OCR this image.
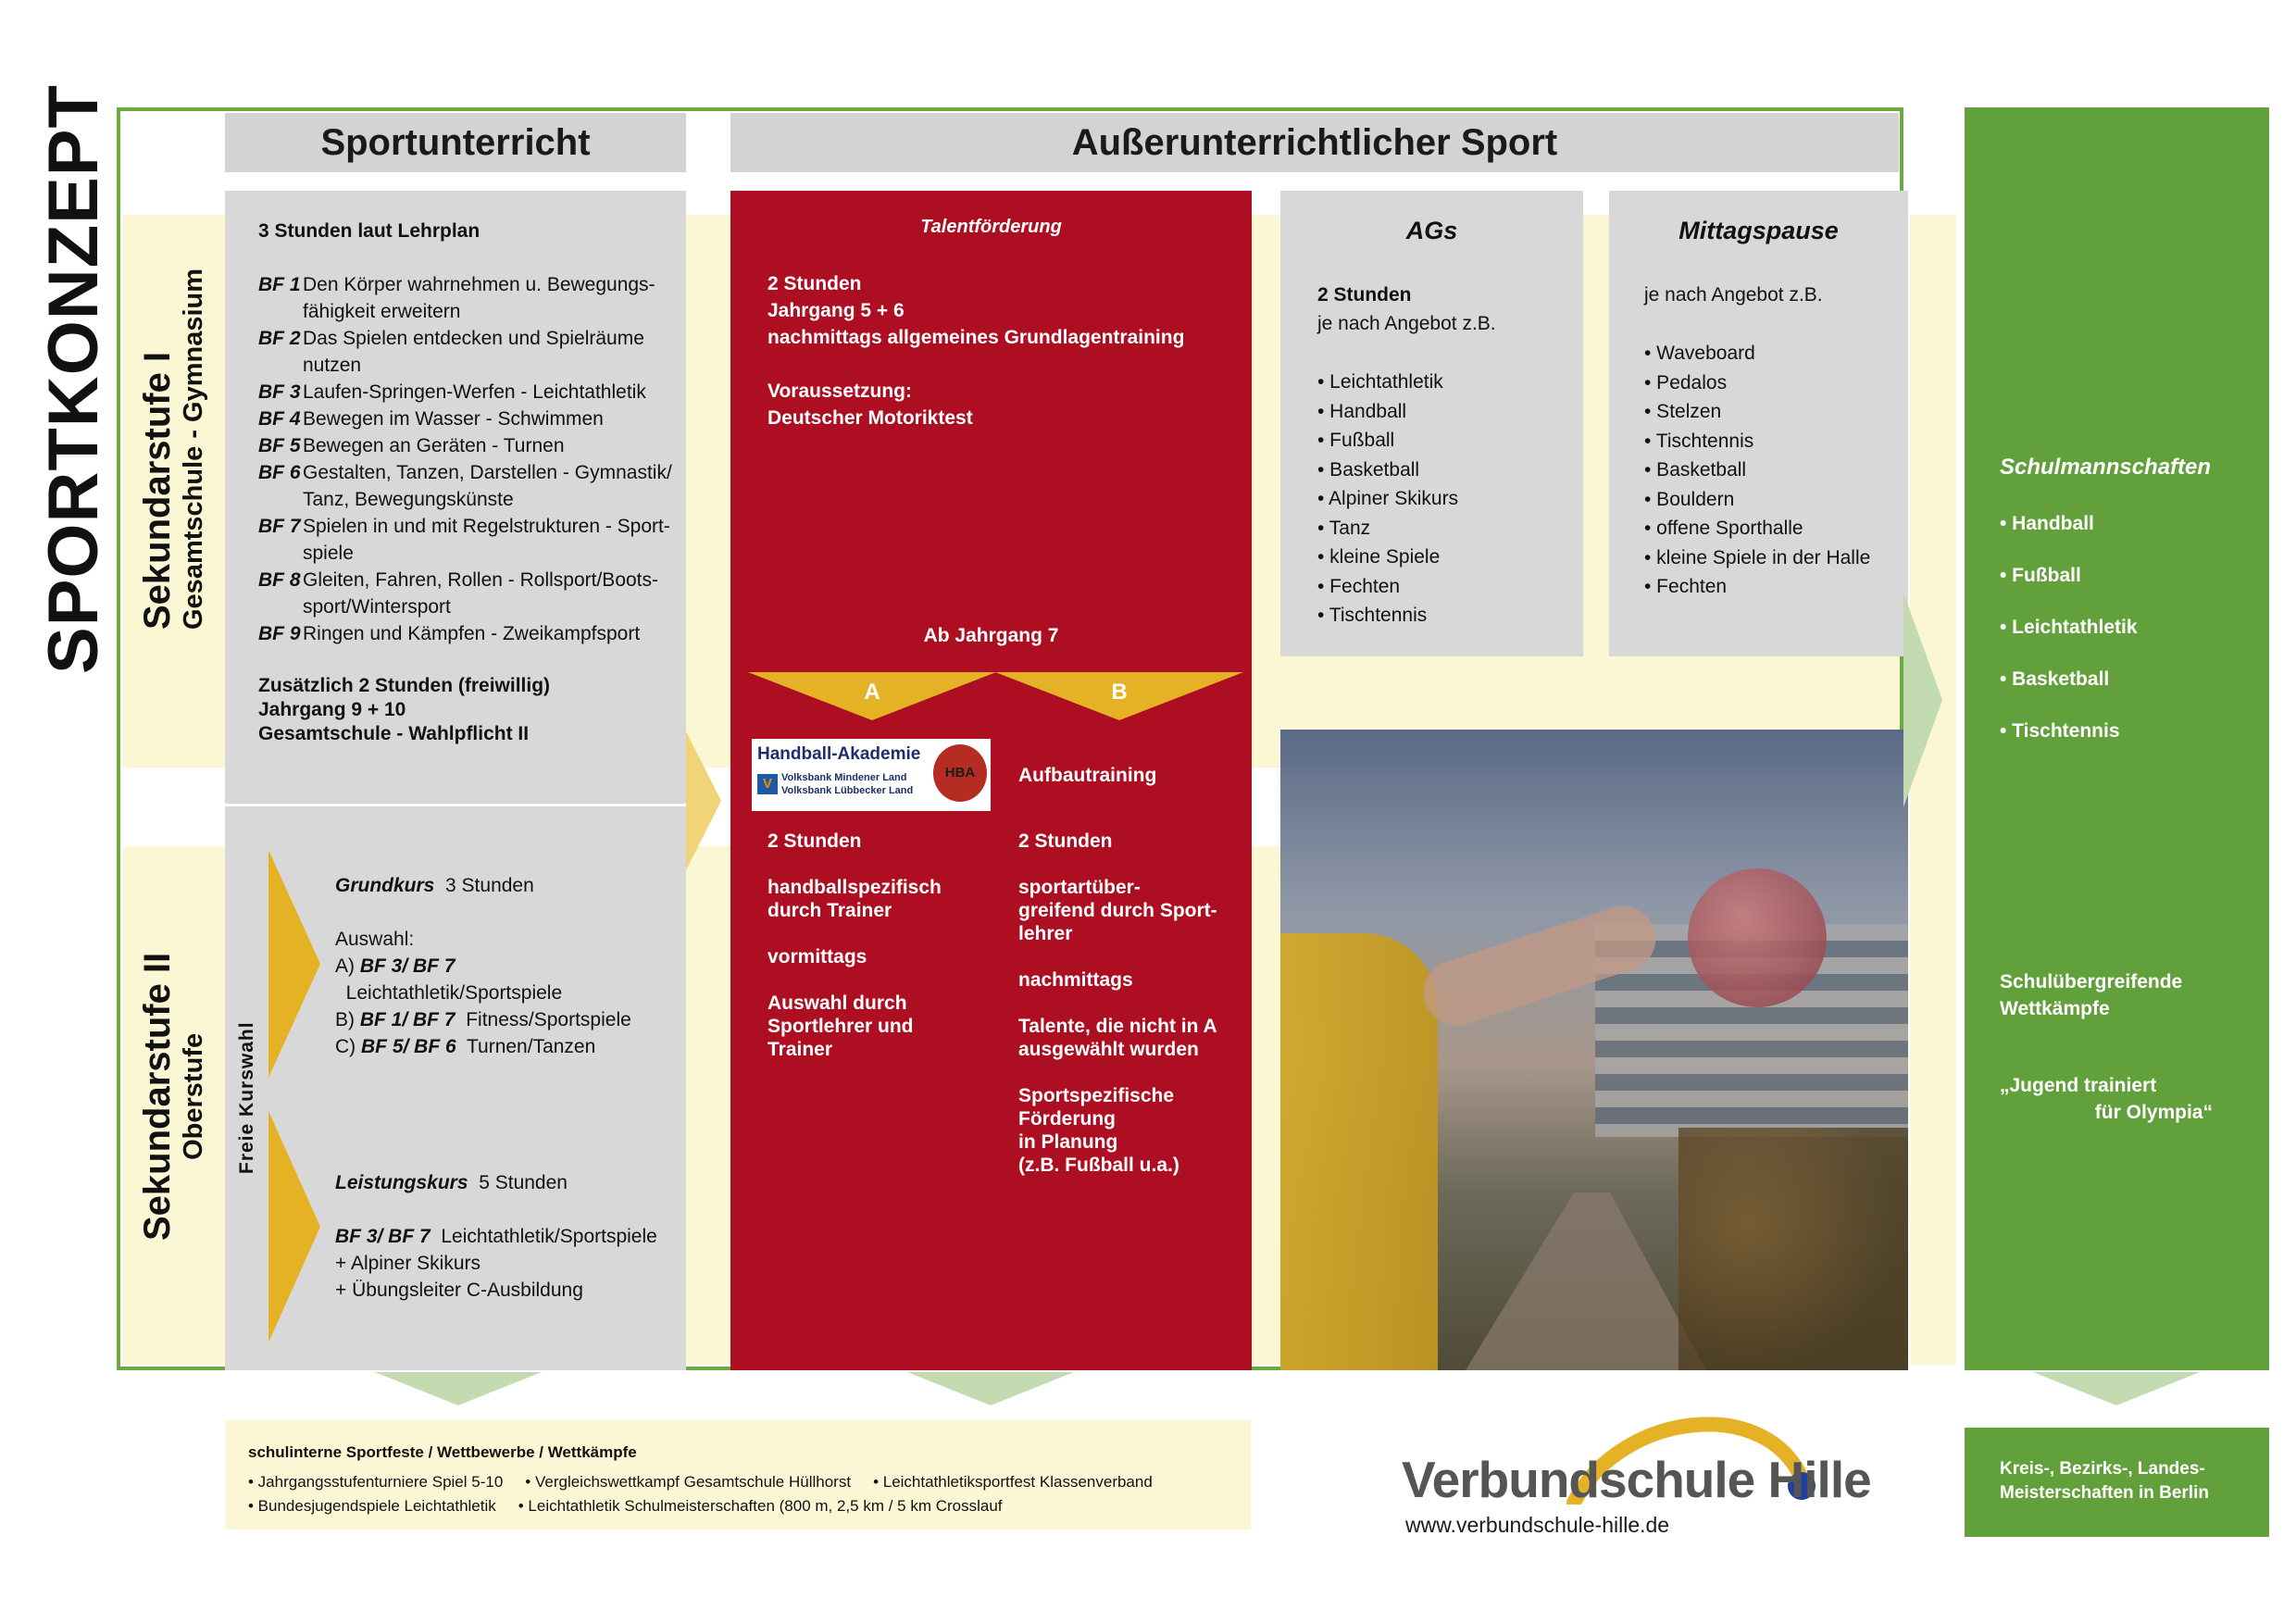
SPORTKONZEPT Sekundarstufe I Gesamtschule - Gymnasium
Sekundarstufe II Oberstufe
Sportunterricht	Außerunterrichtlicher Sport
3 Stunden laut Lehrplan
BF 1 Den Körper wahrnehmen u. Bewegungs-
fähigkeit erweitern
BF 2 Das Spielen entdecken und Spielräume
nutzen
BF 3 Laufen-Springen-Werfen - Leichtathletik
BF 4 Bewegen im Wasser - Schwimmen
BF 5 Bewegen an Geräten - Turnen
BF 6 Gestalten, Tanzen, Darstellen - Gymnastik/
Tanz, Bewegungskünste
BF 7 Spielen in und mit Regelstrukturen - Sport-
spiele
BF 8 Gleiten, Fahren, Rollen - Rollsport/Boots-
sport/Wintersport
BF 9 Ringen und Kämpfen - Zweikampfsport
Zusätzlich 2 Stunden (freiwillig)
Jahrgang 9 + 10
Gesamtschule - Wahlpflicht II
Freie Kurswahl
Grundkurs 3 Stunden
Auswahl:
A) BF 3/ BF 7  Leichtathletik/Sportspiele
B) BF 1/ BF 7  Fitness/Sportspiele
C) BF 5/ BF 6  Turnen/Tanzen
Leistungskurs 5 Stunden
BF 3/ BF 7 Leichtathletik/Sportspiele
+ Alpiner Skikurs
+ Übungsleiter C-Ausbildung
Talentförderung
2 Stunden
Jahrgang 5 + 6
nachmittags allgemeines Grundlagentraining
Voraussetzung:
Deutscher Motoriktest
Ab Jahrgang 7
A	B
Handball-Akademie
V Volksbank Mindener Land
Volksbank Lübbecker Land
HBA
2 Stunden
handballspezifisch
durch Trainer
vormittags
Auswahl durch
Sportlehrer und
Trainer
Aufbautraining
2 Stunden
sportartüber-
greifend durch Sport-
lehrer
nachmittags
Talente, die nicht in A
ausgewählt wurden
Sportspezifische
Förderung
in Planung
(z.B. Fußball u.a.)
AGs
2 Stunden
je nach Angebot z.B.
• Leichtathletik
• Handball
• Fußball
• Basketball
• Alpiner Skikurs
• Tanz
• kleine Spiele
• Fechten
• Tischtennis
Mittagspause
je nach Angebot z.B.
• Waveboard
• Pedalos
• Stelzen
• Tischtennis
• Basketball
• Bouldern
• offene Sporthalle
• kleine Spiele in der Halle
• Fechten
Schulmannschaften
• Handball
• Fußball
• Leichtathletik
• Basketball
• Tischtennis
Schulübergreifende
Wettkämpfe
„Jugend trainiert
für Olympia“
schulinterne Sportfeste / Wettbewerbe / Wettkämpfe
• Jahrgangsstufenturniere Spiel 5-10 • Vergleichswettkampf Gesamtschule Hüllhorst • Leichtathletiksportfest Klassenverband
• Bundesjugendspiele Leichtathletik • Leichtathletik Schulmeisterschaften (800 m, 2,5 km / 5 km Crosslauf	Verbundschule Hille
www.verbundschule-hille.de
Kreis-, Bezirks-, Landes-
Meisterschaften in Berlin
